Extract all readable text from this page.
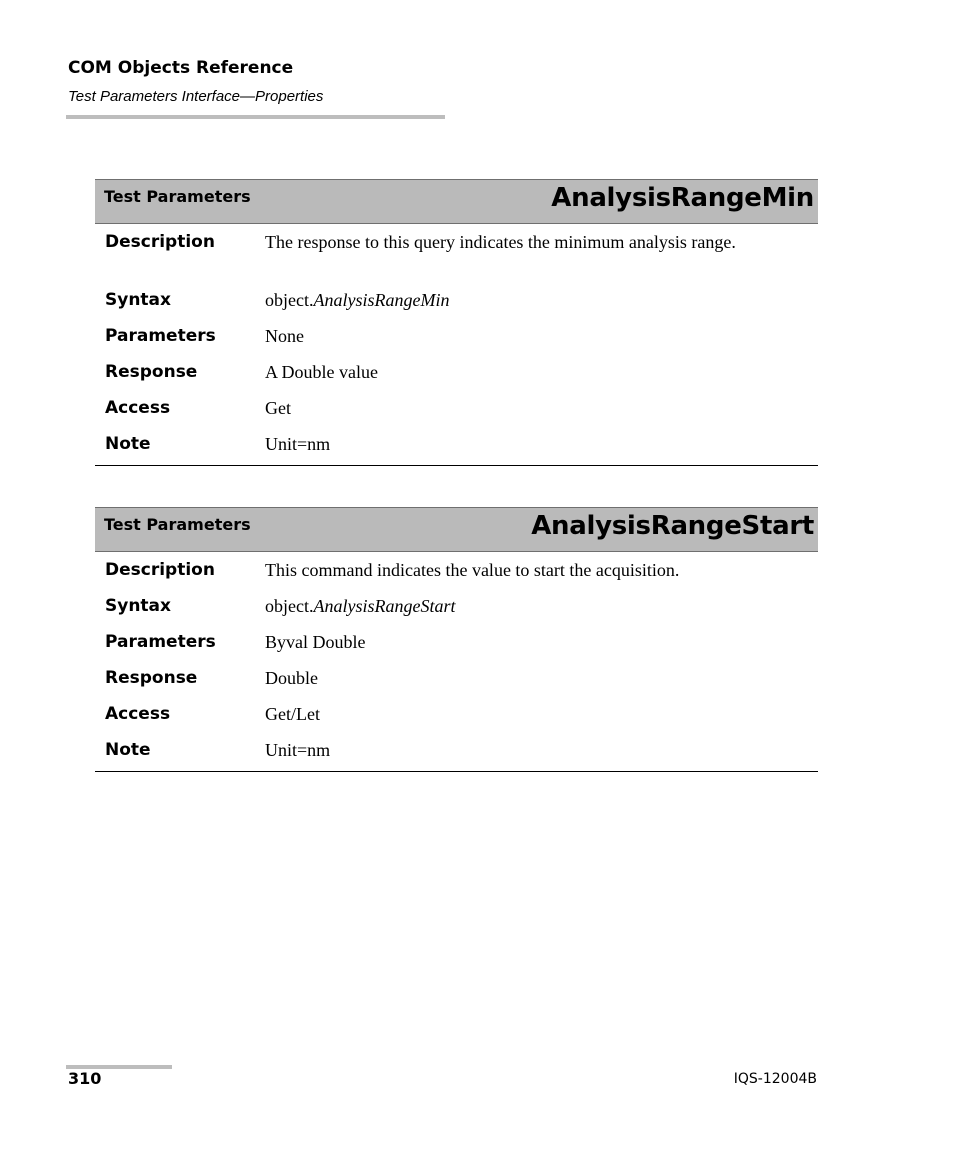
COM Objects Reference
Test Parameters Interface—Properties
Test Parameters	AnalysisRangeMin
Description	The response to this query indicates the minimum analysis range.
Syntax	object.AnalysisRangeMin
Parameters	None
Response	A Double value
Access	Get
Note	Unit=nm
Test Parameters	AnalysisRangeStart
Description	This command indicates the value to start the acquisition.
Syntax	object.AnalysisRangeStart
Parameters	Byval Double
Response	Double
Access	Get/Let
Note	Unit=nm
310	IQS-12004B
